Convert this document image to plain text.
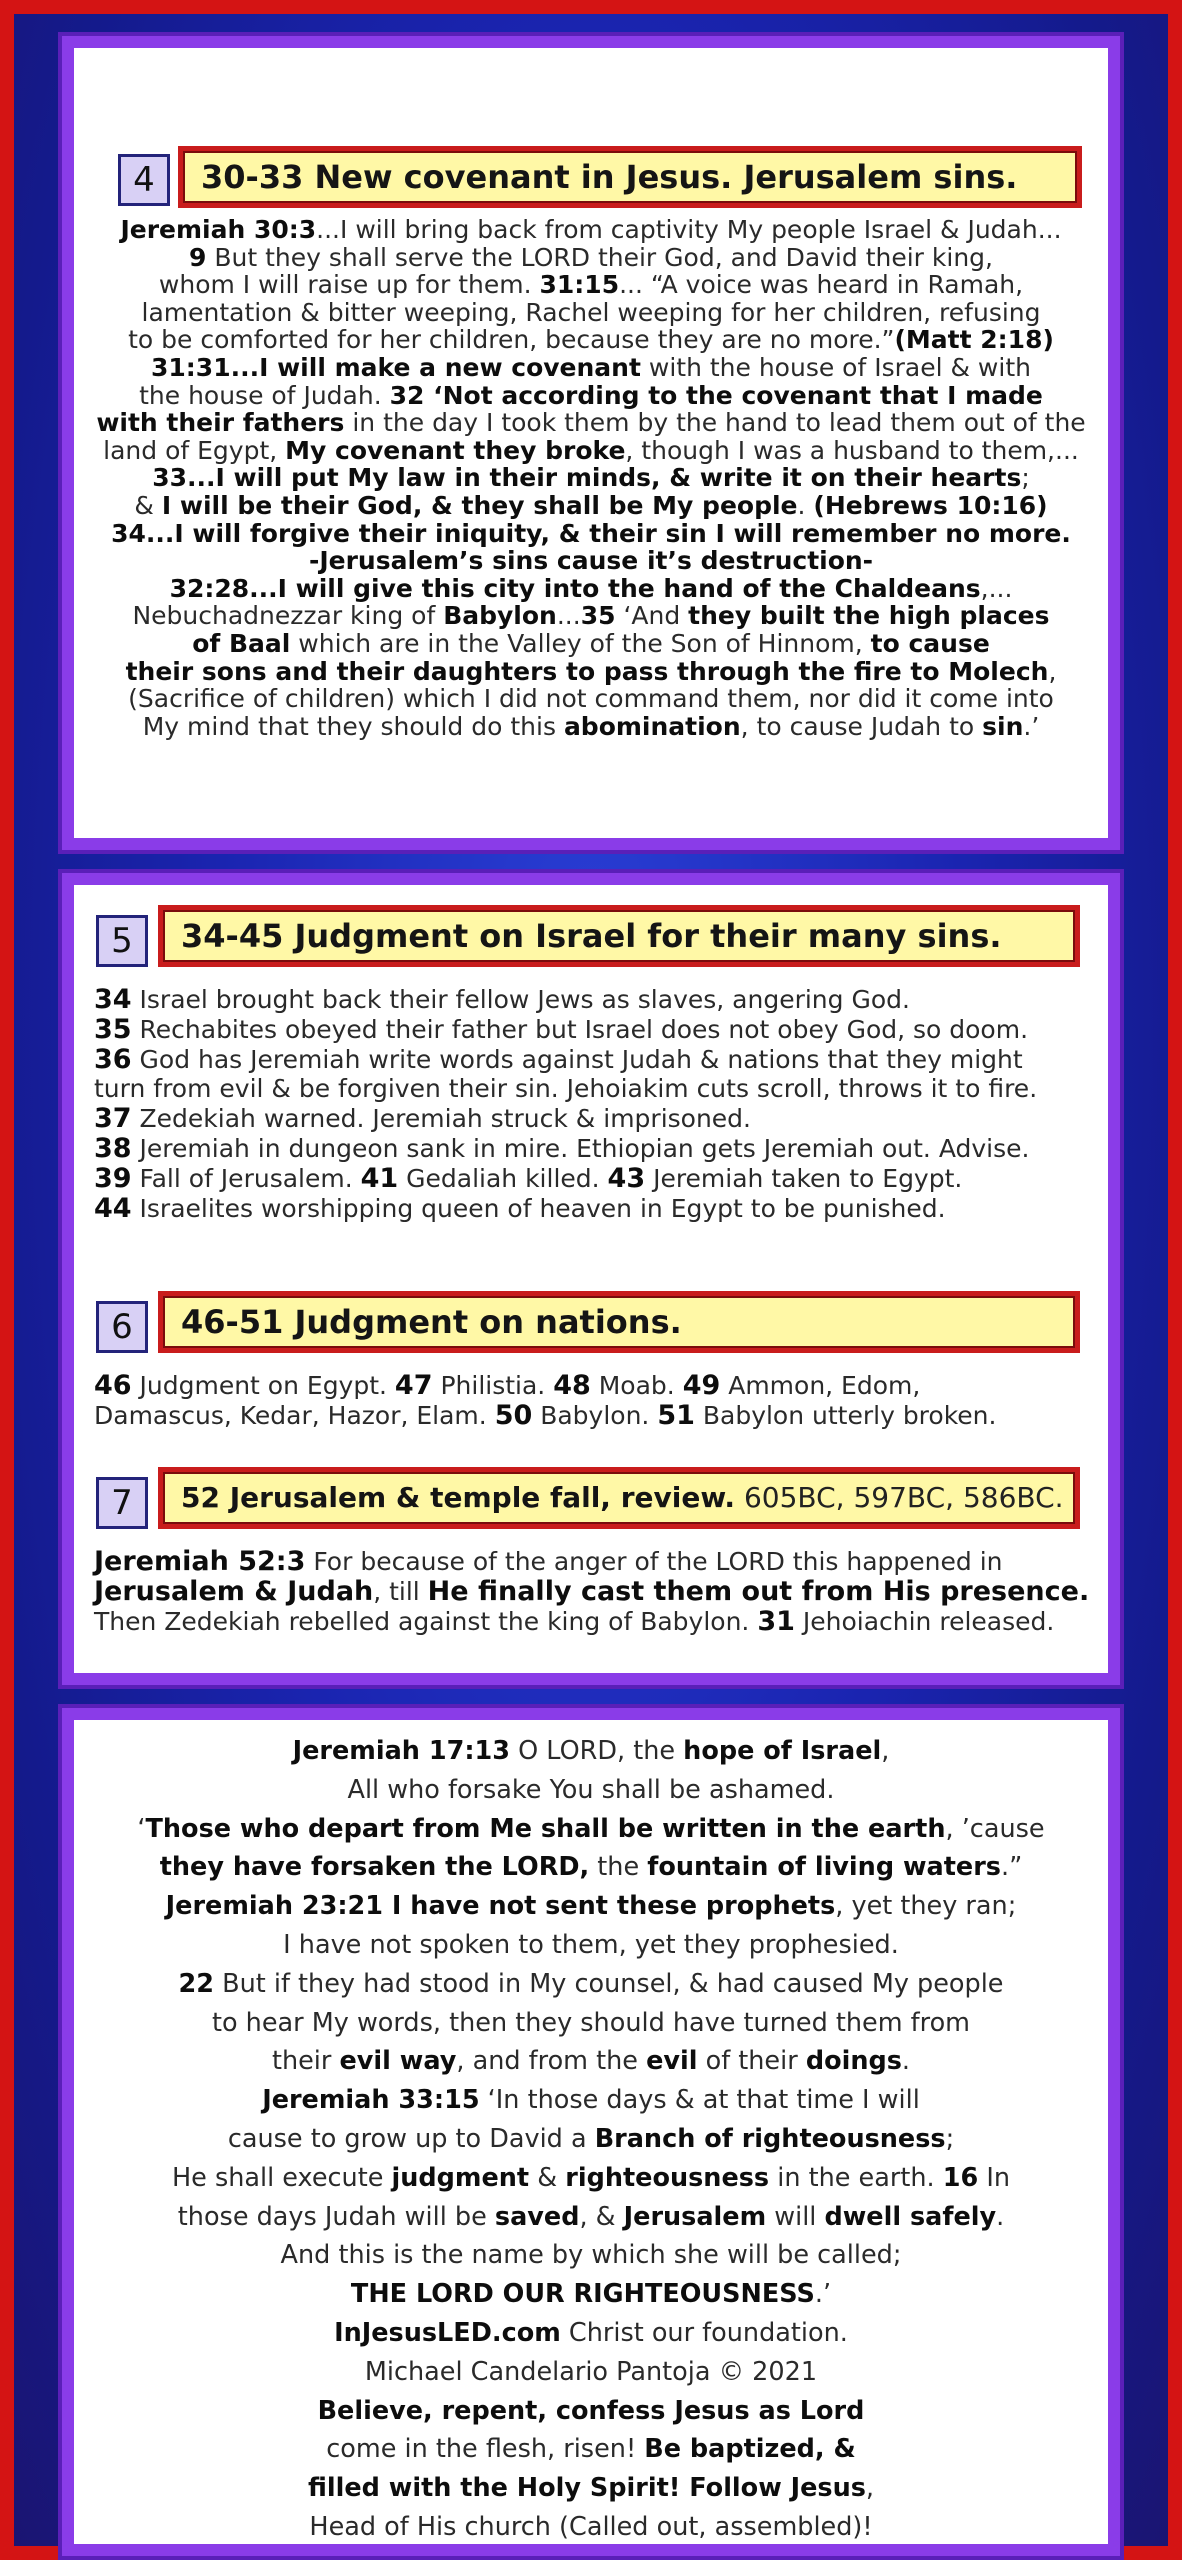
4	30-33 New covenant in Jesus. Jerusalem sins.
Jeremiah 30:3...I will bring back from captivity My people Israel & Judah...
9 But they shall serve the LORD their God, and David their king,
whom I will raise up for them. 31:15... “A voice was heard in Ramah,
lamentation & bitter weeping, Rachel weeping for her children, refusing
to be comforted for her children, because they are no more.”(Matt 2:18)
31:31...I will make a new covenant with the house of Israel & with
the house of Judah. 32 ‘Not according to the covenant that I made
with their fathers in the day I took them by the hand to lead them out of the
land of Egypt, My covenant they broke, though I was a husband to them,...
33...I will put My law in their minds, & write it on their hearts;
& I will be their God, & they shall be My people. (Hebrews 10:16)
34...I will forgive their iniquity, & their sin I will remember no more.
-Jerusalem’s sins cause it’s destruction-
32:28...I will give this city into the hand of the Chaldeans,...
Nebuchadnezzar king of Babylon...35 ‘And they built the high places
of Baal which are in the Valley of the Son of Hinnom, to cause
their sons and their daughters to pass through the fire to Molech,
(Sacrifice of children) which I did not command them, nor did it come into
My mind that they should do this abomination, to cause Judah to sin.’
5	34-45 Judgment on Israel for their many sins.
34 Israel brought back their fellow Jews as slaves, angering God.
35 Rechabites obeyed their father but Israel does not obey God, so doom.
36 God has Jeremiah write words against Judah & nations that they might
turn from evil & be forgiven their sin. Jehoiakim cuts scroll, throws it to fire.
37 Zedekiah warned. Jeremiah struck & imprisoned.
38 Jeremiah in dungeon sank in mire. Ethiopian gets Jeremiah out. Advise.
39 Fall of Jerusalem. 41 Gedaliah killed. 43 Jeremiah taken to Egypt.
44 Israelites worshipping queen of heaven in Egypt to be punished.
6	46-51 Judgment on nations.
46 Judgment on Egypt. 47 Philistia. 48 Moab. 49 Ammon, Edom,
Damascus, Kedar, Hazor, Elam. 50 Babylon. 51 Babylon utterly broken.
7	52 Jerusalem & temple fall, review. 605BC, 597BC, 586BC.
Jeremiah 52:3 For because of the anger of the LORD this happened in
Jerusalem & Judah, till He finally cast them out from His presence.
Then Zedekiah rebelled against the king of Babylon. 31 Jehoiachin released.
Jeremiah 17:13 O LORD, the hope of Israel,
All who forsake You shall be ashamed.
‘Those who depart from Me shall be written in the earth, ’cause
they have forsaken the LORD, the fountain of living waters.”
Jeremiah 23:21 I have not sent these prophets, yet they ran;
I have not spoken to them, yet they prophesied.
22 But if they had stood in My counsel, & had caused My people
to hear My words, then they should have turned them from
their evil way, and from the evil of their doings.
Jeremiah 33:15 ‘In those days & at that time I will
cause to grow up to David a Branch of righteousness;
He shall execute judgment & righteousness in the earth. 16 In
those days Judah will be saved, & Jerusalem will dwell safely.
And this is the name by which she will be called;
THE LORD OUR RIGHTEOUSNESS.’
InJesusLED.com Christ our foundation.
Michael Candelario Pantoja © 2021
Believe, repent, confess Jesus as Lord
come in the flesh, risen! Be baptized, &
filled with the Holy Spirit! Follow Jesus,
Head of His church (Called out, assembled)!
